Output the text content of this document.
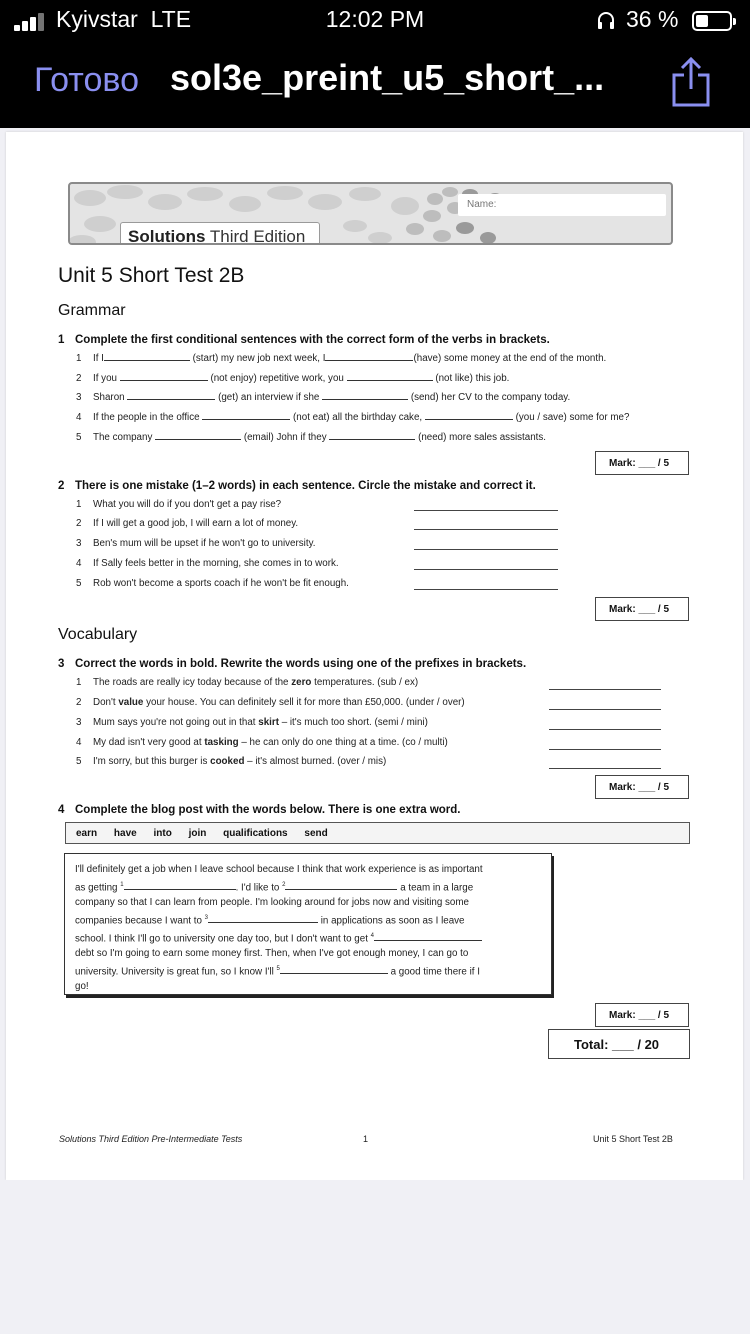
Kyivstar LTE	12:02 PM	36 %
Готово sol3e_preint_u5_short_...
Name:
Solutions Third Edition
Unit 5 Short Test 2B
Grammar
1 Complete the first conditional sentences with the correct form of the verbs in brackets.
1 If I	(start) my new job next week, I	(have) some money at the end of the month.
2 If you	(not enjoy) repetitive work, you	(not like) this job.
3 Sharon	(get) an interview if she	(send) her CV to the company today.
4 If the people in the office	(not eat) all the birthday cake,	(you / save) some for me?
5 The company	(email) John if they	(need) more sales assistants.
Mark: ___ / 5
2 There is one mistake (1–2 words) in each sentence. Circle the mistake and correct it.
1 What you will do if you don't get a pay rise?
2 If I will get a good job, I will earn a lot of money.
3 Ben's mum will be upset if he won't go to university.
4 If Sally feels better in the morning, she comes in to work.
5 Rob won't become a sports coach if he won't be fit enough.
Mark: ___ / 5
Vocabulary
3 Correct the words in bold. Rewrite the words using one of the prefixes in brackets.
1 The roads are really icy today because of the zero temperatures. (sub / ex)
2 Don't value your house. You can definitely sell it for more than £50,000. (under / over)
3 Mum says you're not going out in that skirt – it's much too short. (semi / mini)
4 My dad isn't very good at tasking – he can only do one thing at a time. (co / multi)
5 I'm sorry, but this burger is cooked – it's almost burned. (over / mis)
Mark: ___ / 5
4 Complete the blog post with the words below. There is one extra word.
earn have into join qualifications send
I'll definitely get a job when I leave school because I think that work experience is as important
as getting $^1$	. I'd like to $^2$	a team in a large
company so that I can learn from people. I'm looking around for jobs now and visiting some
companies because I want to $^3$	in applications as soon as I leave
school. I think I'll go to university one day too, but I don't want to get $^4$
debt so I'm going to earn some money first. Then, when I've got enough money, I can go to
university. University is great fun, so I know I'll $^5$	a good time there if I
go!
Mark: ___ / 5
Total: ___ / 20
Solutions Third Edition Pre-Intermediate Tests	1	Unit 5 Short Test 2B
